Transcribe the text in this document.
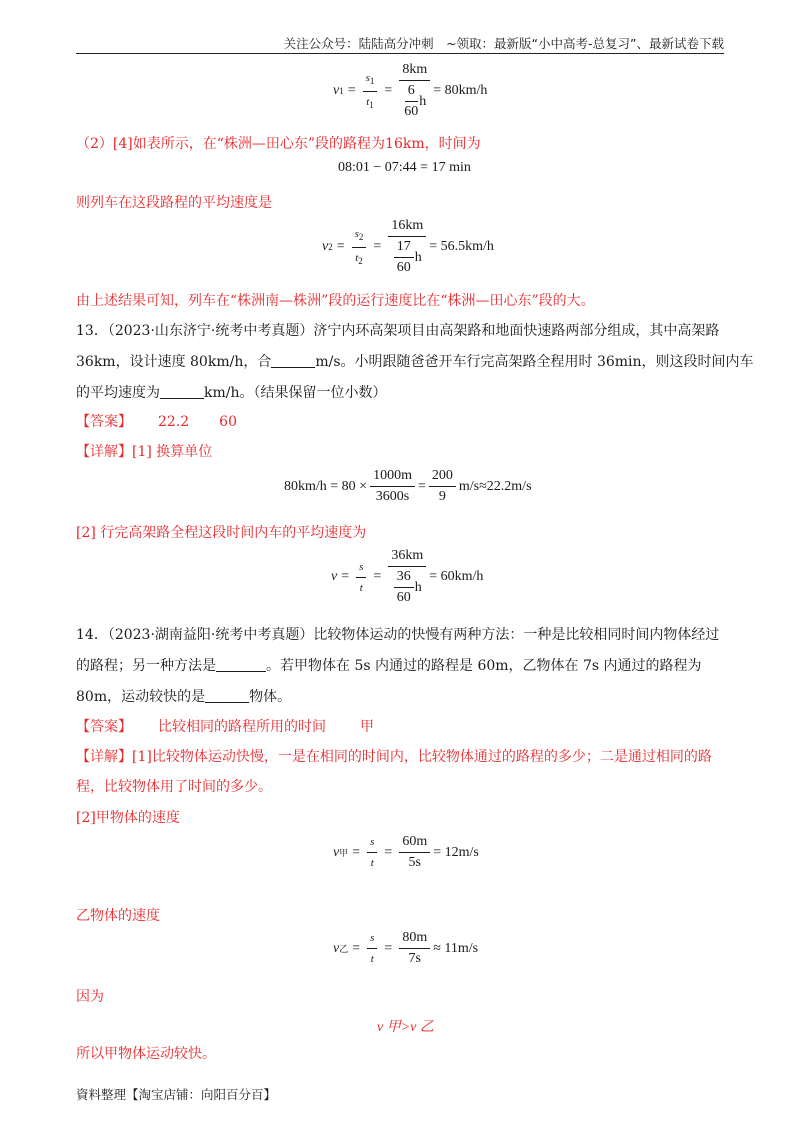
关注公众号：陆陆高分冲刺　~领取：最新版“小中高考-总复习”、最新试卷下载
v $1 = \frac{s_1}{t_1} = \frac{8km}{\frac{6}{60} h} = 80km/h$
（2）[4]如表所示，在“株洲—田心东”段的路程为16km，时间为
08:01 − 07:44 = 17 min
则列车在这段路程的平均速度是
v $2 = \frac{s_2}{t_2} = \frac{16km}{\frac{17}{60} h} = 56.5km/h$
由上述结果可知，列车在“株洲南—株洲”段的运行速度比在“株洲—田心东”段的大。
13．（2023·山东济宁·统考中考真题）济宁内环高架项目由高架路和地面快速路两部分组成，其中高架路
36km，设计速度 80km/h，合	m/s。小明跟随爸爸开车行完高架路全程用时 36min，则这段时间内车
的平均速度为	km/h。（结果保留一位小数）
【答案】 22.2 60
【详解】[1] 换算单位
$80km/h = 80 \times \frac{1000m}{3600s} = \frac{200}{9} m/s\approx 22.2m/s$
[2] 行完高架路全程这段时间内车的平均速度为
$v = \frac{s}{t} = \frac{36km}{\frac{36}{60} h} = 60km/h$
14．（2023·湖南益阳·统考中考真题）比较物体运动的快慢有两种方法：一种是比较相同时间内物体经过
的路程；另一种方法是	。若甲物体在 5s 内通过的路程是 60m，乙物体在 7s 内通过的路程为
80m，运动较快的是	物体。
【答案】 比较相同的路程所用的时间 甲
【详解】[1]比较物体运动快慢，一是在相同的时间内，比较物体通过的路程的多少；二是通过相同的路
程，比较物体用了时间的多少。
[2]甲物体的速度
v 甲 = $\frac{s}{t} = \frac{60m}{5s} = 12m/s$
乙物体的速度
v 乙 = $\frac{s}{t} = \frac{80m}{7s} \approx 11m/s$
因为
v 甲>v 乙
所以甲物体运动较快。
資料整理【淘宝店铺：向阳百分百】
